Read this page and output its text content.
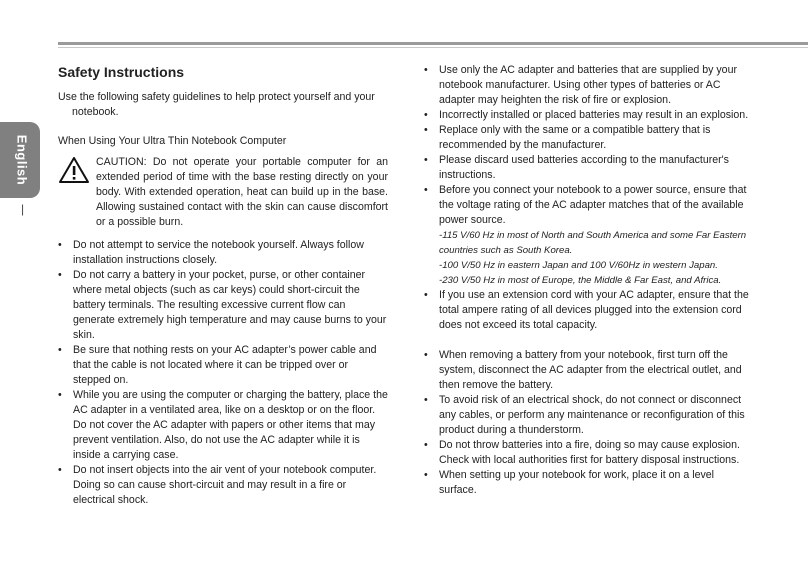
English
|
Safety Instructions

Use the following safety guidelines to help protect yourself and your notebook.

When Using Your Ultra Thin Notebook Computer

CAUTION: Do not operate your portable computer for an extended period of time with the base resting directly on your body. With extended operation, heat can build up in the base. Allowing sustained contact with the skin can cause discomfort or a possible burn.
• Do not attempt to service the notebook yourself. Always follow installation instructions closely.
• Do not carry a battery in your pocket, purse, or other container where metal objects (such as car keys) could short-circuit the battery terminals. The resulting excessive current flow can generate extremely high temperature and may cause burns to your skin.
• Be sure that nothing rests on your AC adapter’s power cable and that the cable is not located where it can be tripped over or stepped on.
• While you are using the computer or charging the battery, place the AC adapter in a ventilated area, like on a desktop or on the floor. Do not cover the AC adapter with papers or other items that may prevent ventilation. Also, do not use the AC adapter while it is inside a carrying case.
• Do not insert objects into the air vent of your notebook computer. Doing so can cause short-circuit and may result in a fire or electrical shock.
• Use only the AC adapter and batteries that are supplied by your notebook manufacturer. Using other types of batteries or AC adapter may heighten the risk of fire or explosion.
• Incorrectly installed or placed batteries may result in an explosion.
• Replace only with the same or a compatible battery that is recommended by the manufacturer.
• Please discard used batteries according to the manufacturer's instructions.
• Before you connect your notebook to a power source, ensure that the voltage rating of the AC adapter matches that of the available power source.

-115 V/60 Hz in most of North and South America and some Far Eastern countries such as South Korea.

-100 V/50 Hz in eastern Japan and 100 V/60Hz in western Japan.

-230 V/50 Hz in most of Europe, the Middle & Far East, and Africa.

• If you use an extension cord with your AC adapter, ensure that the total ampere rating of all devices plugged into the extension cord does not exceed its total capacity.
• When removing a battery from your notebook, first turn off the system, disconnect the AC adapter from the electrical outlet, and then remove the battery.
• To avoid risk of an electrical shock, do not connect or disconnect any cables, or perform any maintenance or reconfiguration of this product during a thunderstorm.
• Do not throw batteries into a fire, doing so may cause explosion. Check with local authorities first for battery disposal instructions.
• When setting up your notebook for work, place it on a level surface.
